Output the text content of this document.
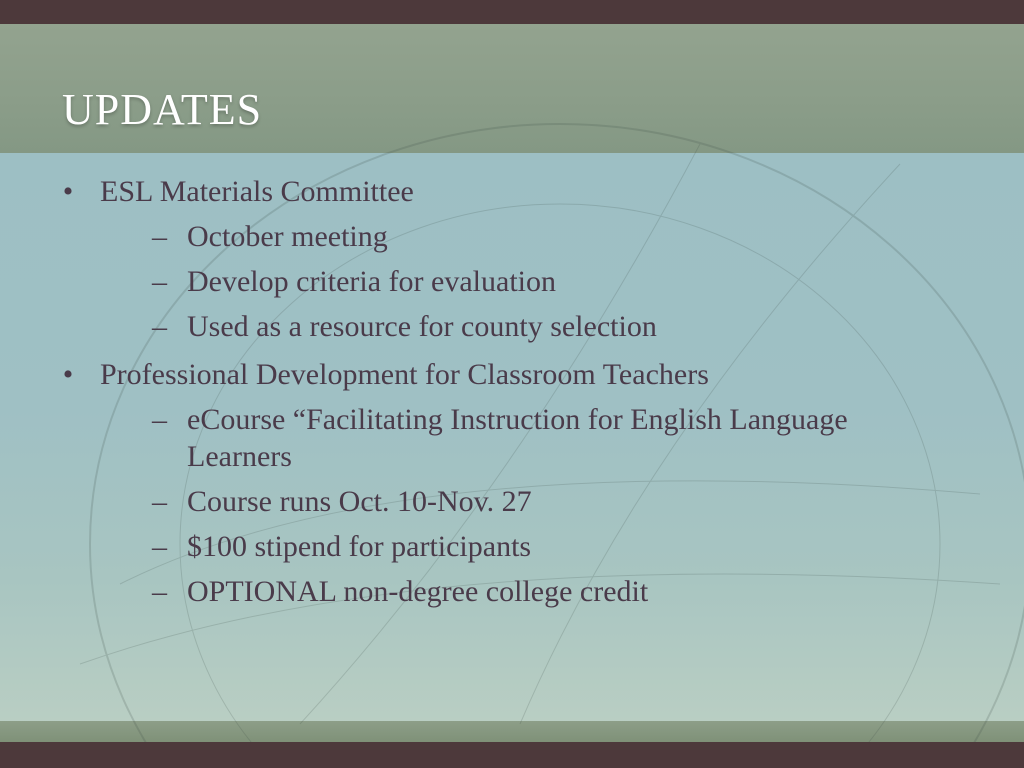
UPDATES
• ESL Materials Committee
– October meeting
– Develop criteria for evaluation
– Used as a resource for county selection
• Professional Development for Classroom Teachers
– eCourse “Facilitating Instruction for English Language Learners
– Course runs Oct. 10-Nov. 27
– $100 stipend for participants
– OPTIONAL non-degree college credit
